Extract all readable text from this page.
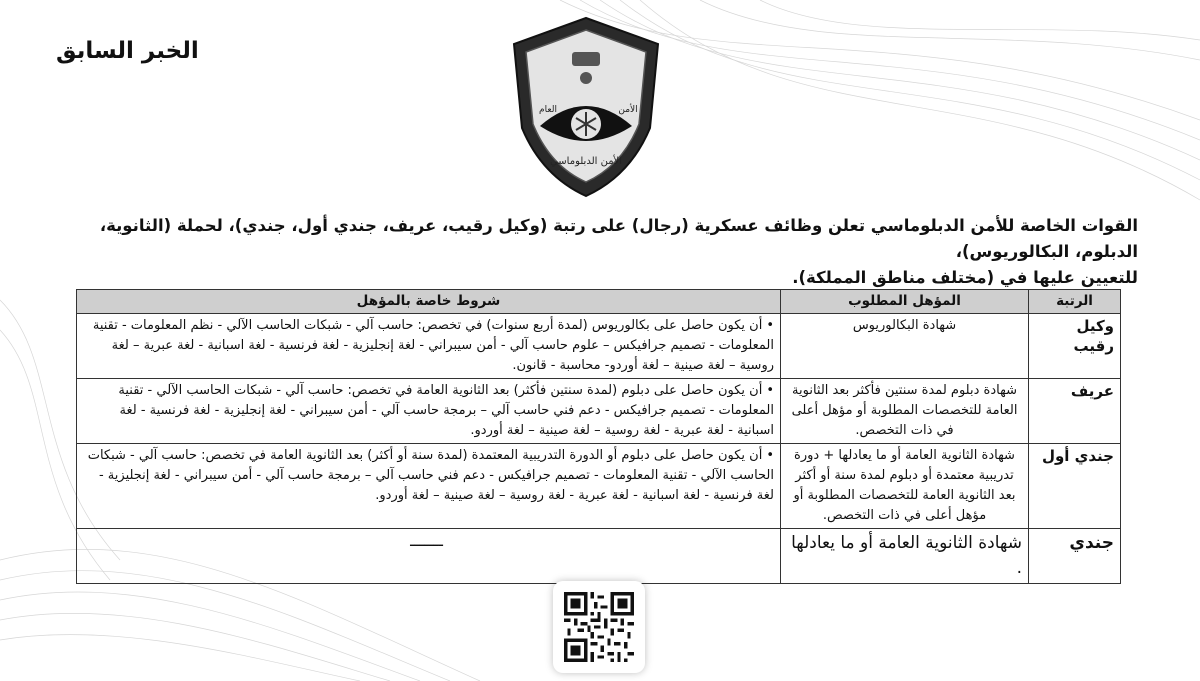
الخبر السابق
الأمن
العام
الأمن الدبلوماسي

القوات الخاصة للأمن الدبلوماسي تعلن وظائف عسكرية (رجال) على رتبة (وكيل رقيب، عريف، جندي أول، جندي)، لحملة (الثانوية، الدبلوم، البكالوريوس)،

للتعيين عليها في (مختلف مناطق المملكة).

الرتبة	المؤهل المطلوب	شروط خاصة بالمؤهل
وكيل رقيب	شهادة البكالوريوس	•أن يكون حاصل على بكالوريوس (لمدة أربع سنوات) في تخصص: حاسب آلي - شبكات الحاسب الآلي - نظم المعلومات - تقنية المعلومات - تصميم جرافيكس – علوم حاسب آلي - أمن سيبراني - لغة إنجليزية - لغة فرنسية - لغة اسبانية - لغة عبرية – لغة روسية – لغة صينية – لغة أوردو- محاسبة - قانون.

عريف	شهادة دبلوم لمدة سنتين فأكثر بعد الثانوية العامة للتخصصات المطلوبة أو مؤهل أعلى في ذات التخصص.	•أن يكون حاصل على دبلوم (لمدة سنتين فأكثر) بعد الثانوية العامة في تخصص: حاسب آلي - شبكات الحاسب الآلي - تقنية المعلومات - تصميم جرافيكس - دعم فني حاسب آلي – برمجة حاسب آلي - أمن سيبراني - لغة إنجليزية - لغة فرنسية - لغة اسبانية - لغة عبرية - لغة روسية – لغة صينية – لغة أوردو.

جندي أول	شهادة الثانوية العامة أو ما يعادلها + دورة تدريبية معتمدة أو دبلوم لمدة سنة أو أكثر بعد الثانوية العامة للتخصصات المطلوبة أو مؤهل أعلى في ذات التخصص.	•أن يكون حاصل على دبلوم أو الدورة التدريبية المعتمدة (لمدة سنة أو أكثر) بعد الثانوية العامة في تخصص: حاسب آلي - شبكات الحاسب الآلي - تقنية المعلومات - تصميم جرافيكس - دعم فني حاسب آلي – برمجة حاسب آلي - أمن سيبراني - لغة إنجليزية - لغة فرنسية - لغة اسبانية - لغة عبرية - لغة روسية – لغة صينية – لغة أوردو.

جندي	شهادة الثانوية العامة أو ما يعادلها .	ـــــــ
